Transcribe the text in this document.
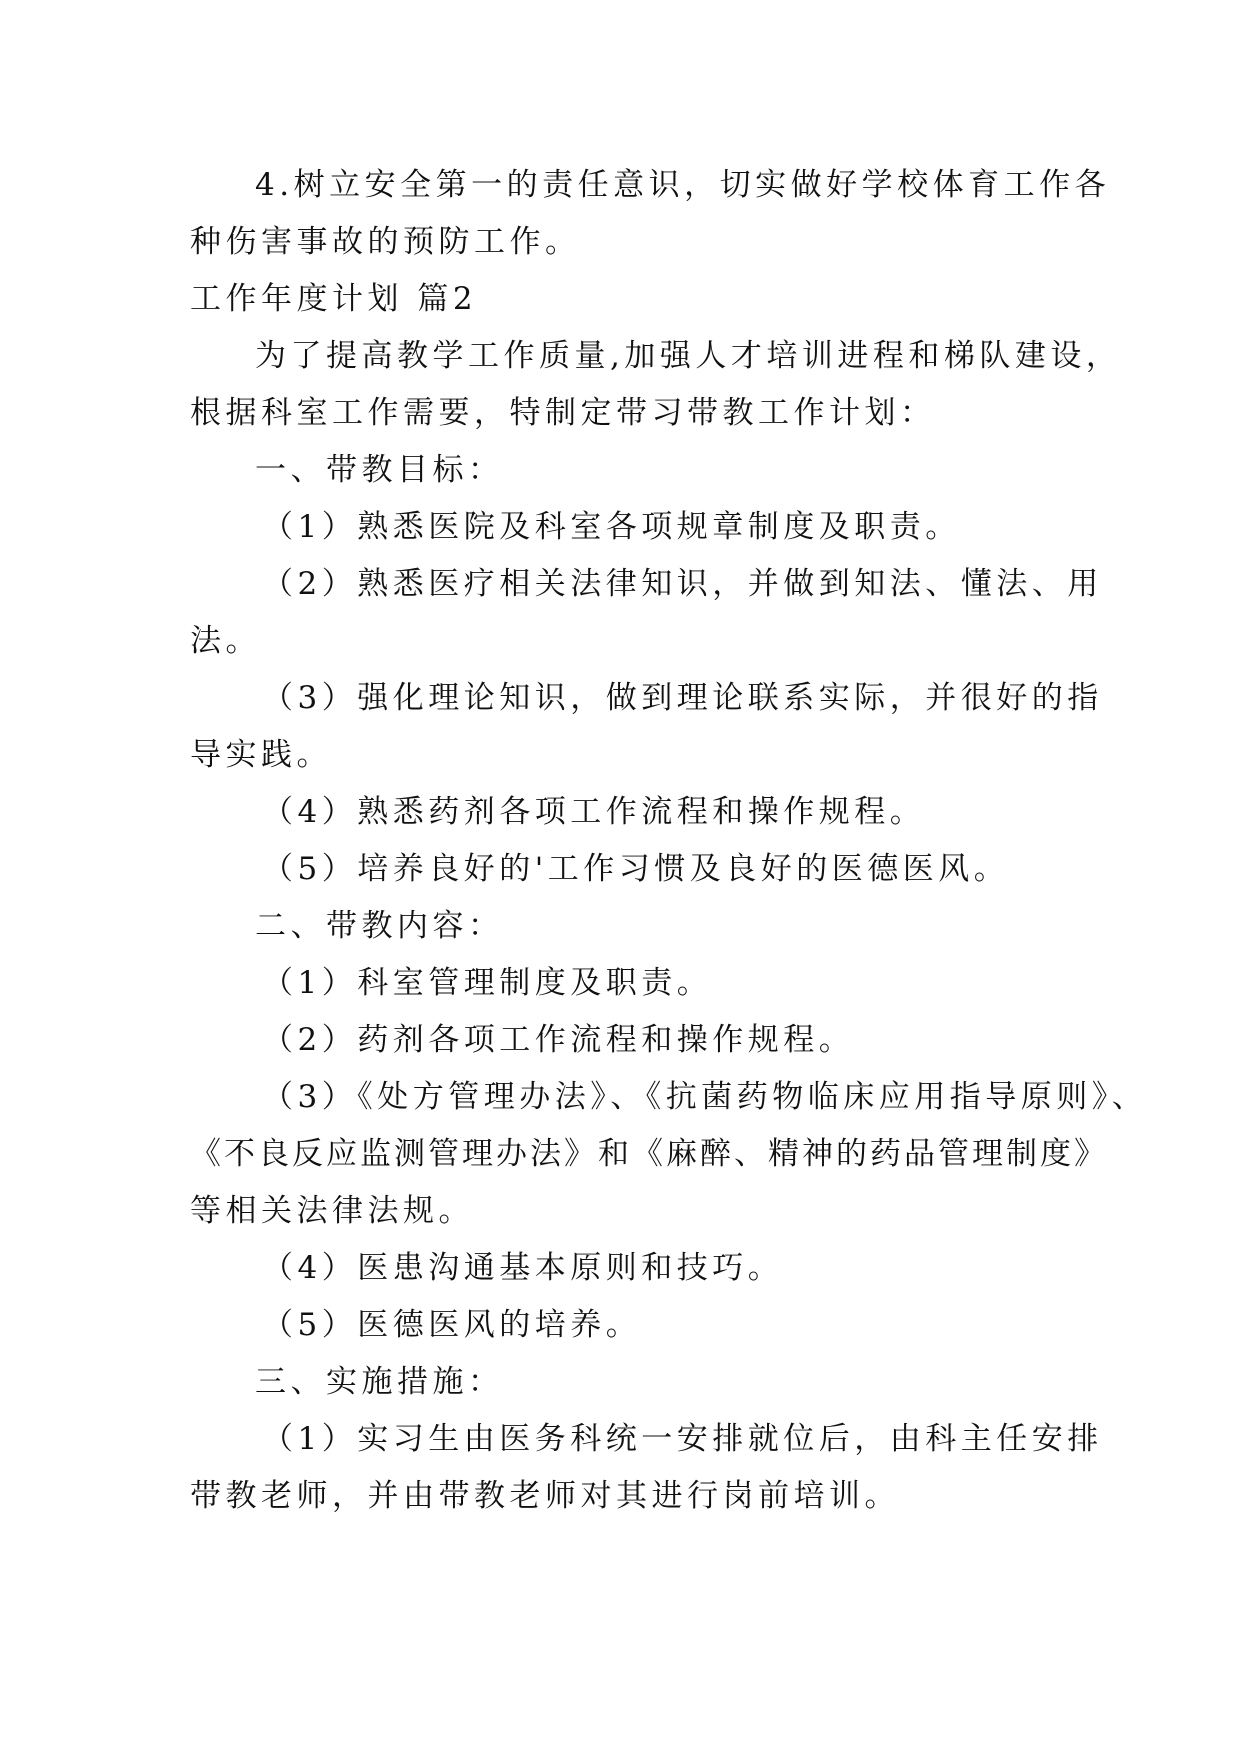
4.树立安全第一的责任意识，切实做好学校体育工作各
种伤害事故的预防工作。
工作年度计划 篇2
为了提高教学工作质量,加强人才培训进程和梯队建设，
根据科室工作需要，特制定带习带教工作计划：
一、带教目标：
（1）熟悉医院及科室各项规章制度及职责。
（2）熟悉医疗相关法律知识，并做到知法、懂法、用
法。
（3）强化理论知识，做到理论联系实际，并很好的指
导实践。
（4）熟悉药剂各项工作流程和操作规程。
（5）培养良好的'工作习惯及良好的医德医风。
二、带教内容：
（1）科室管理制度及职责。
（2）药剂各项工作流程和操作规程。
（3）《处方管理办法》、《抗菌药物临床应用指导原则》、
《不良反应监测管理办法》和《麻醉、精神的药品管理制度》
等相关法律法规。
（4）医患沟通基本原则和技巧。
（5）医德医风的培养。
三、实施措施：
（1）实习生由医务科统一安排就位后，由科主任安排
带教老师，并由带教老师对其进行岗前培训。
